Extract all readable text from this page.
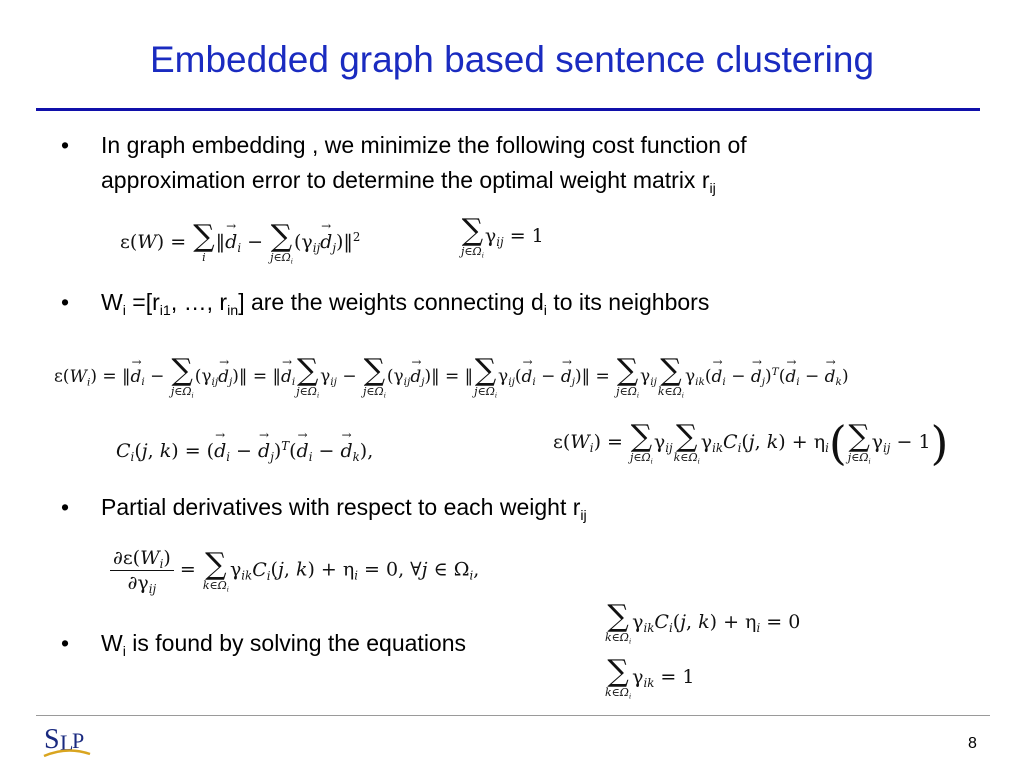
Embedded graph based sentence clustering
• In graph embedding , we minimize the following cost function of
approximation error to determine the optimal weight matrix $r_{ij}$
ε(W) = ∑
i
‖→ $d_i$ − ∑
$j\in\Omega_i$
($\gamma_{ij}\to$ $d_j)‖^2$	∑
$j\in\Omega_i$
$\gamma_{ij} = 1$
• $W_i =[r_{i1}$, …, $r_{in}$] are the weights connecting $d_i$ to its neighbors
$\varepsilon(W_i)$ = ‖→ $d_i$ − ∑
$j\in\Omega_i$
($\gamma_{ij}\to$ $d_j)‖$ = ‖→ $d_i$ ∑
$j\in\Omega_i$
$\gamma_{ij}$ − ∑
$j\in\Omega_i$
($\gamma_{ij}\to$ $d_j)‖$ = ‖ ∑
$j\in\Omega_i$
$\gamma_{ij}(\to d_i$ − → $d_j)‖$ = ∑
$j\in\Omega_i$
$\gamma_{ij}$ ∑
$k\in\Omega_i$
$\gamma_{ik}(\to d_i$ − → $d_j)^T(\to d_i$ − → $d_k$)
$C_i(j$, k) = (→ $d_i$ − → $d_j)^T(\to d_i$ − → $d_k$),	$\varepsilon(W_i)$ = ∑
$j\in\Omega_i$
$\gamma_{ij}$ ∑
$k\in\Omega_i$
$\gamma_{ik}C_i(j$, $k) + \eta_i$( ∑
$j\in\Omega_i$
$\gamma_{ij} - 1$)
• Partial derivatives with respect to each weight $r_{ij}$
$\frac{\partial\varepsilon(W_i)}{\partial\gamma_{ij}}$ = ∑
$k\in\Omega_i$
$\gamma_{ik}C_i(j$, $k) + \eta_i = 0$, ∀j ∈ $\Omega_i$,
• $W_i$ is found by solving the equations
∑
$k\in\Omega_i$
$\gamma_{ik}C_i(j$, $k) + \eta_i = 0$
∑
$k\in\Omega_i$
$\gamma_{ik} = 1$
S L
P	8
